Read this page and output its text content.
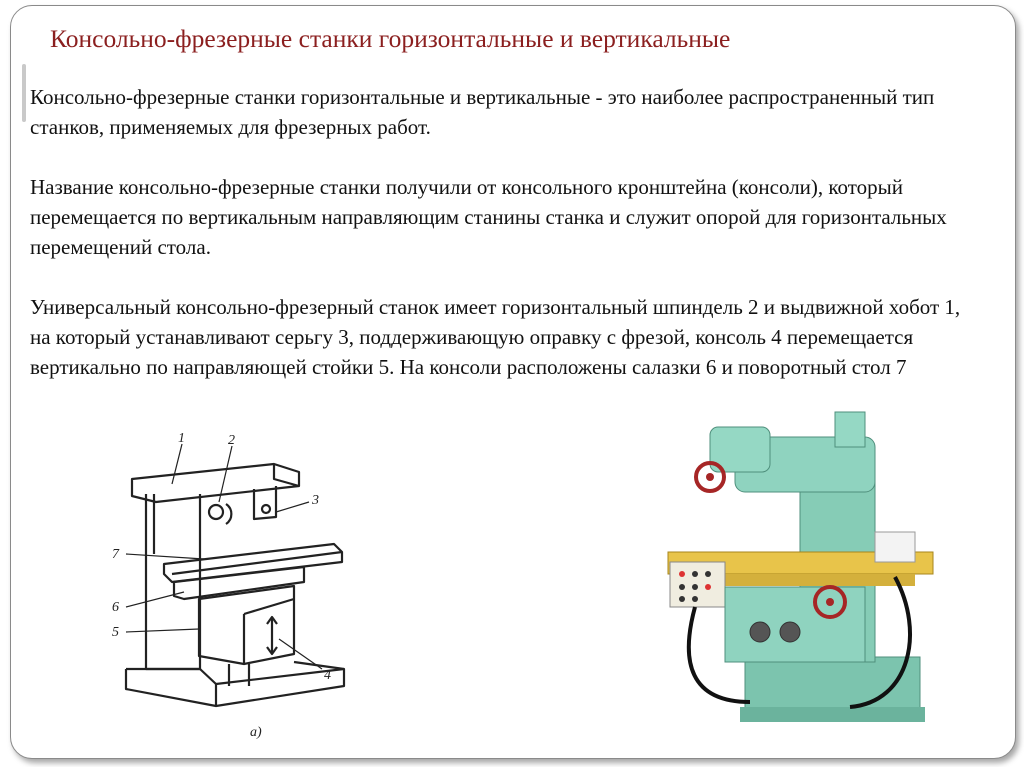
Консольно-фрезерные станки горизонтальные и вертикальные

Консольно-фрезерные станки горизонтальные и вертикальные - это наиболее распространенный тип станков, применяемых для фрезерных работ.

Название консольно-фрезерные станки получили от консольного кронштейна (консоли), который перемещается по вертикальным направляющим станины станка и служит опорой для горизонтальных перемещений стола.

Универсальный консольно-фрезерный станок имеет горизонтальный шпиндель 2 и выдвижной хобот 1, на который устанавливают серьгу 3, поддерживающую оправку с фрезой, консоль 4 перемещается вертикально по направляющей стойки 5. На консоли расположены салазки 6 и поворотный стол 7

1	2
3
7
6
5
4
а)
